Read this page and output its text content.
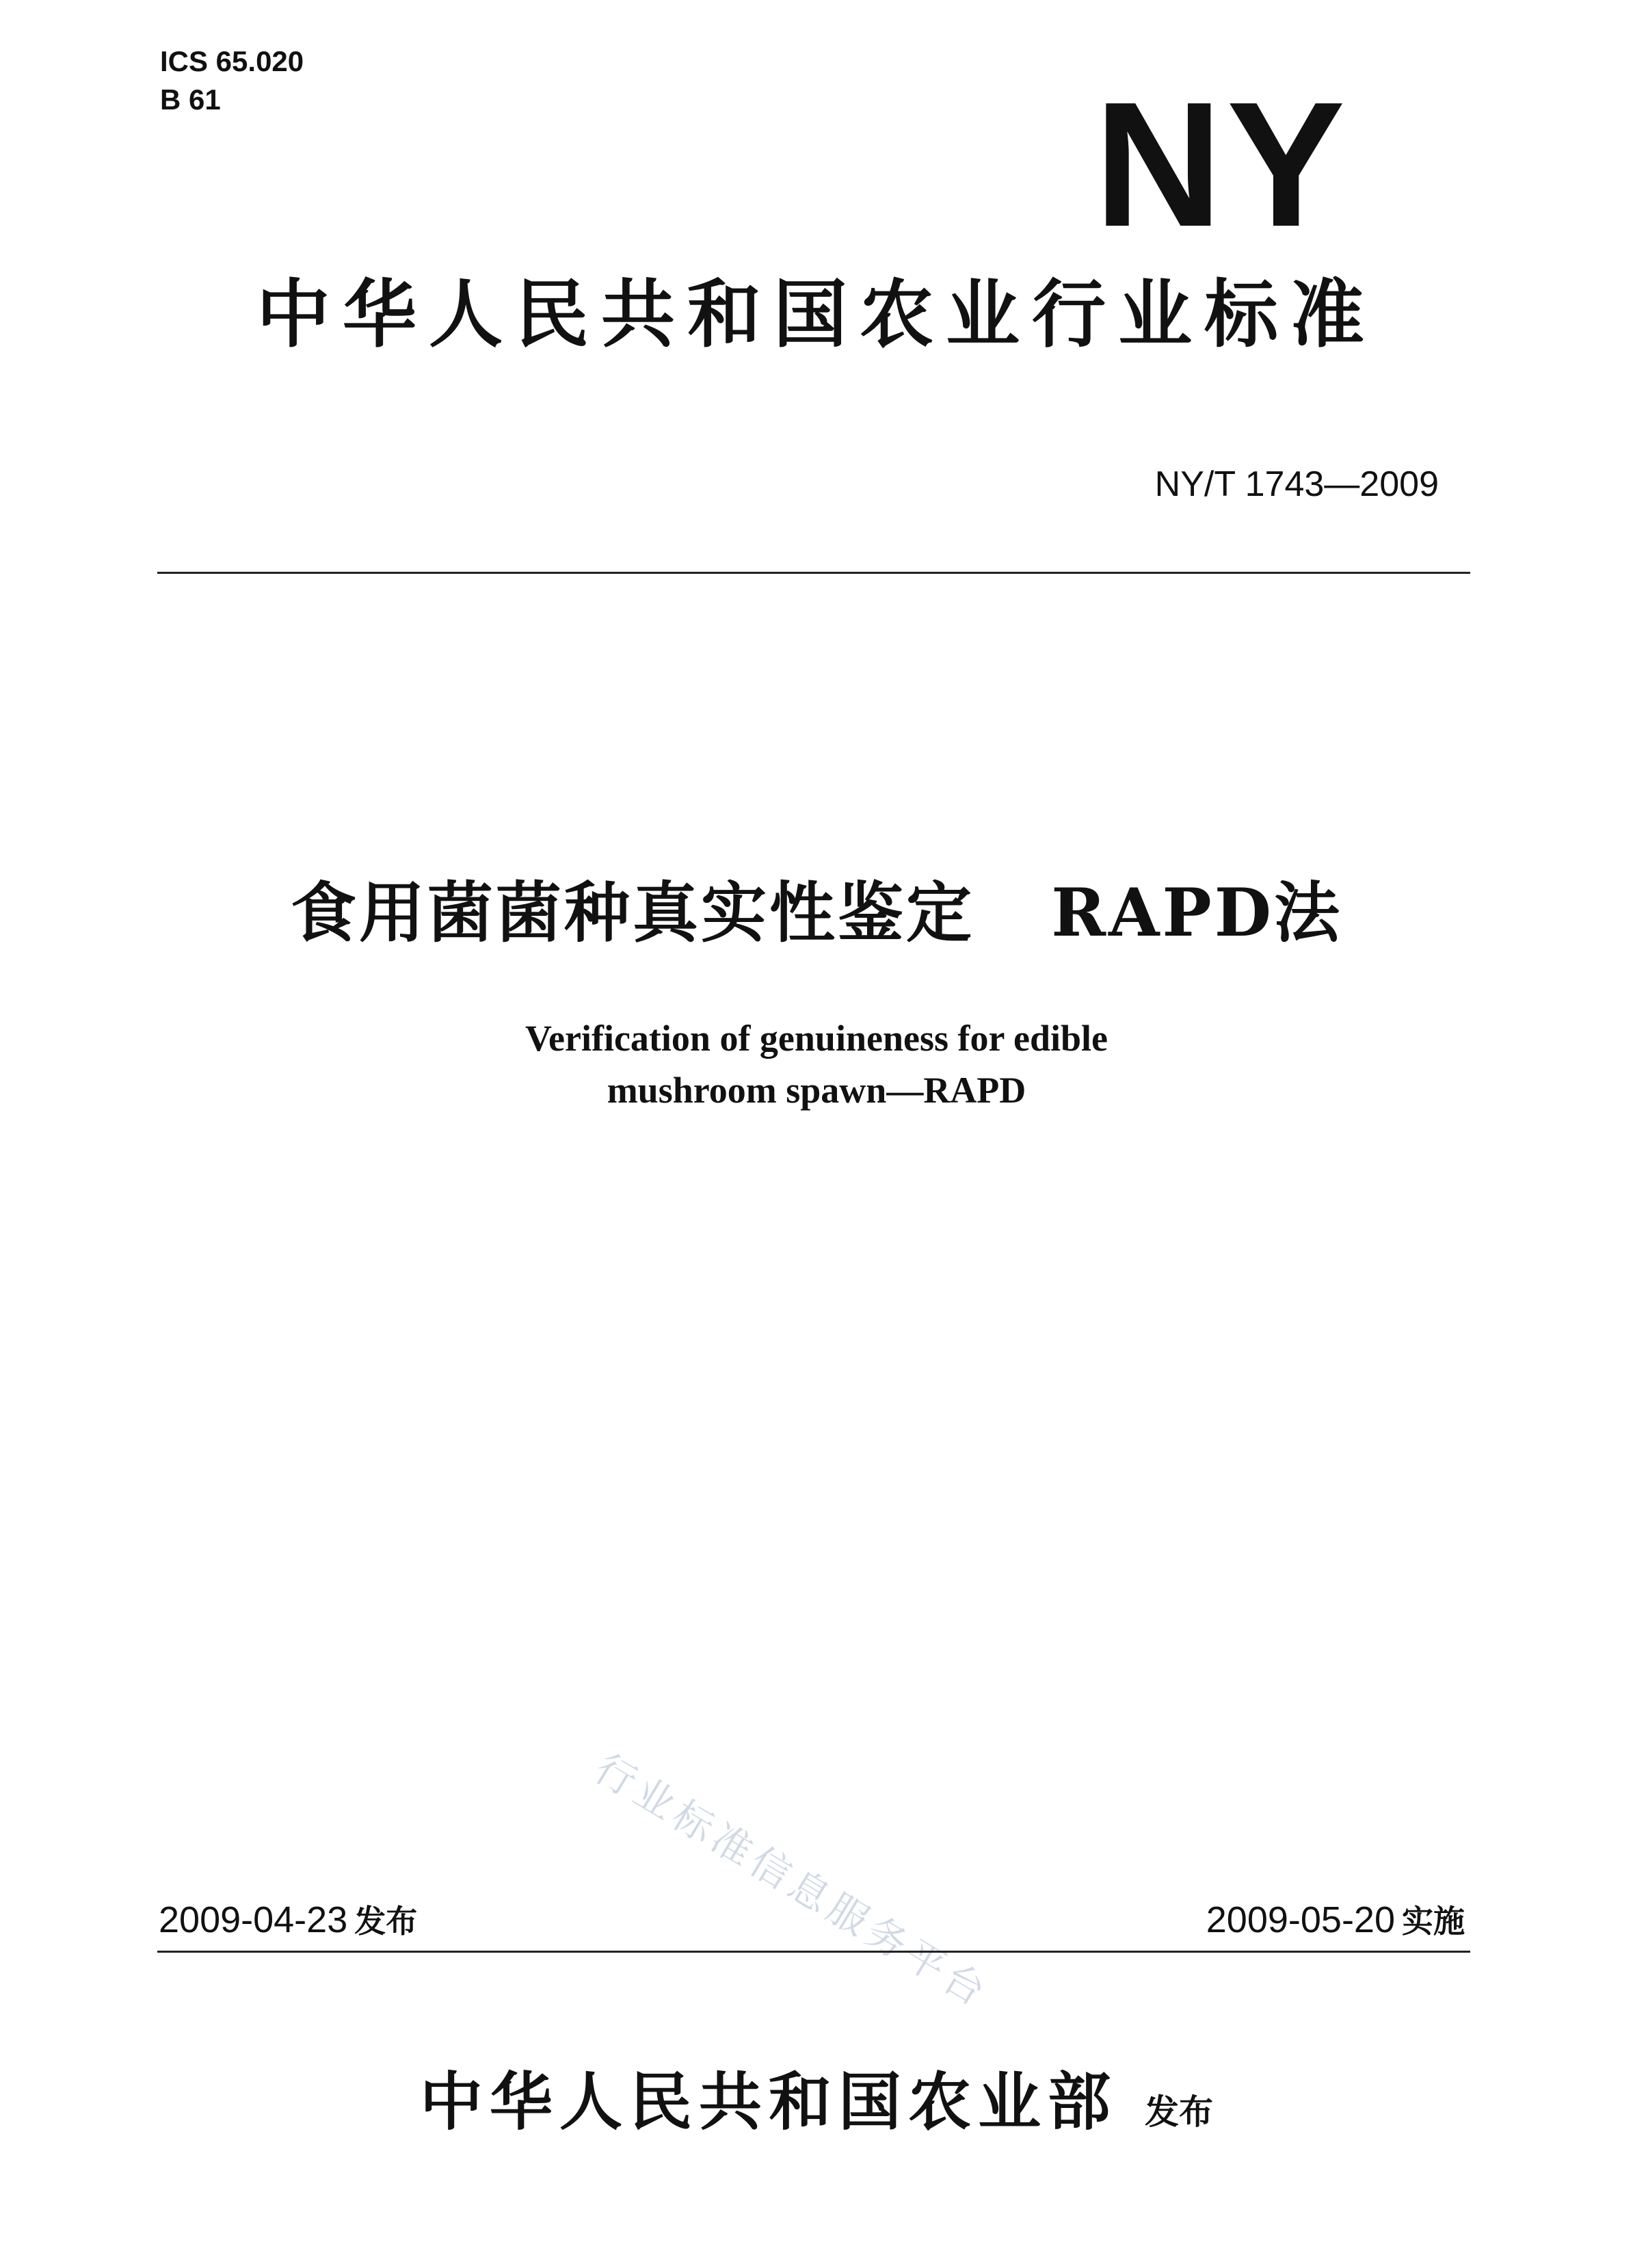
ICS 65.020
B 61	NY
中华人民共和国农业行业标准
NY/T 1743—2009
食用菌菌种真实性鉴定   RAPD法
Verification of genuineness for edible
mushroom spawn—RAPD
行业标准信息服务平台
2009-04-23 发布	2009-05-20 实施
中华人民共和国农业部 发布
